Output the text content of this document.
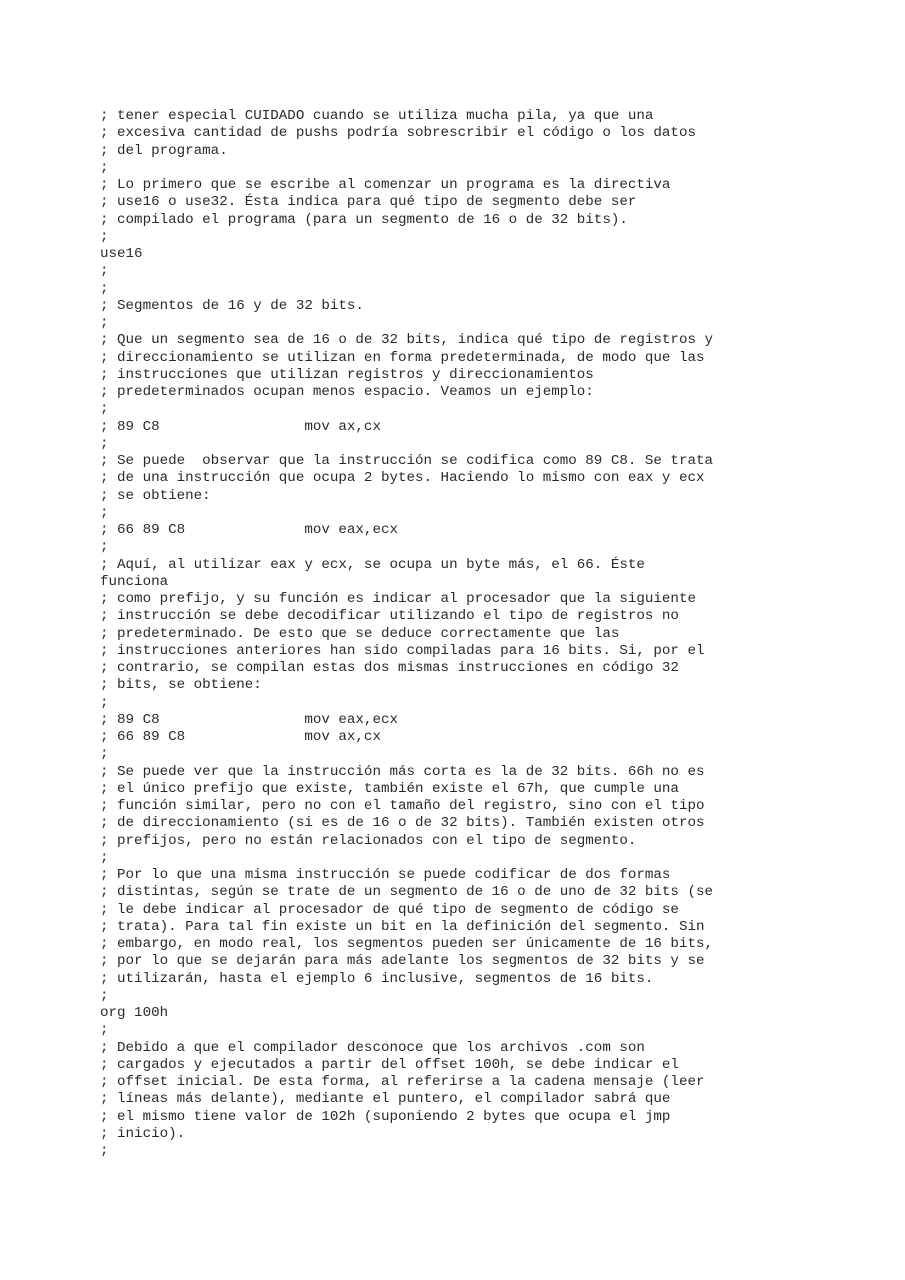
; tener especial CUIDADO cuando se utiliza mucha pila, ya que una
; excesiva cantidad de pushs podría sobrescribir el código o los datos
; del programa.
;
; Lo primero que se escribe al comenzar un programa es la directiva
; use16 o use32. Ésta indica para qué tipo de segmento debe ser
; compilado el programa (para un segmento de 16 o de 32 bits).
;
use16
;
;
; Segmentos de 16 y de 32 bits.
;
; Que un segmento sea de 16 o de 32 bits, indica qué tipo de registros y
; direccionamiento se utilizan en forma predeterminada, de modo que las
; instrucciones que utilizan registros y direccionamientos
; predeterminados ocupan menos espacio. Veamos un ejemplo:
;
; 89 C8                 mov ax,cx
;
; Se puede  observar que la instrucción se codifica como 89 C8. Se trata
; de una instrucción que ocupa 2 bytes. Haciendo lo mismo con eax y ecx
; se obtiene:
;
; 66 89 C8              mov eax,ecx
;
; Aquí, al utilizar eax y ecx, se ocupa un byte más, el 66. Éste
funciona
; como prefijo, y su función es indicar al procesador que la siguiente
; instrucción se debe decodificar utilizando el tipo de registros no
; predeterminado. De esto que se deduce correctamente que las
; instrucciones anteriores han sido compiladas para 16 bits. Si, por el
; contrario, se compilan estas dos mismas instrucciones en código 32
; bits, se obtiene:
;
; 89 C8                 mov eax,ecx
; 66 89 C8              mov ax,cx
;
; Se puede ver que la instrucción más corta es la de 32 bits. 66h no es
; el único prefijo que existe, también existe el 67h, que cumple una
; función similar, pero no con el tamaño del registro, sino con el tipo
; de direccionamiento (si es de 16 o de 32 bits). También existen otros
; prefijos, pero no están relacionados con el tipo de segmento.
;
; Por lo que una misma instrucción se puede codificar de dos formas
; distintas, según se trate de un segmento de 16 o de uno de 32 bits (se
; le debe indicar al procesador de qué tipo de segmento de código se
; trata). Para tal fin existe un bit en la definición del segmento. Sin
; embargo, en modo real, los segmentos pueden ser únicamente de 16 bits,
; por lo que se dejarán para más adelante los segmentos de 32 bits y se
; utilizarán, hasta el ejemplo 6 inclusive, segmentos de 16 bits.
;
org 100h
;
; Debido a que el compilador desconoce que los archivos .com son
; cargados y ejecutados a partir del offset 100h, se debe indicar el
; offset inicial. De esta forma, al referirse a la cadena mensaje (leer
; líneas más delante), mediante el puntero, el compilador sabrá que
; el mismo tiene valor de 102h (suponiendo 2 bytes que ocupa el jmp
; inicio).
;
